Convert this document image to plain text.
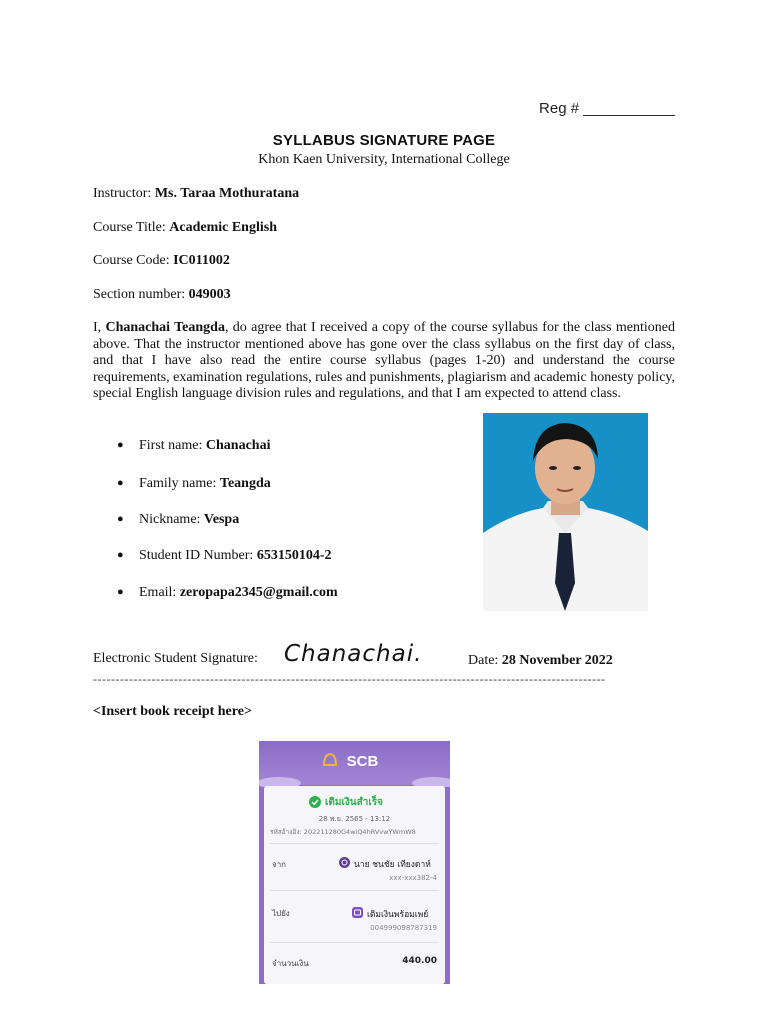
Reg # ___________
SYLLABUS SIGNATURE PAGE
Khon Kaen University, International College
Instructor: Ms. Taraa Mothuratana
Course Title: Academic English
Course Code: IC011002
Section number: 049003
I, Chanachai Teangda, do agree that I received a copy of the course syllabus for the class mentioned above. That the instructor mentioned above has gone over the class syllabus on the first day of class, and that I have also read the entire course syllabus (pages 1-20) and understand the course requirements, examination regulations, rules and punishments, plagiarism and academic honesty policy, special English language division rules and regulations, and that I am expected to attend class.
● First name: Chanachai
● Family name: Teangda
● Nickname: Vespa
● Student ID Number: 653150104-2
● Email: zeropapa2345@gmail.com
Electronic Student Signature: Chanachai.	Date: 28 November 2022
------------------------------------------------------------------------------------------------------------------
<Insert book receipt here>
SCB
เติมเงินสำเร็จ
28 พ.ย. 2565 - 13:12
รหัสอ้างอิง: 202211280G4wiQ4hRVvwYWmW8
จาก	นาย ชนชัย เทียงดาห์
xxx-xxx382-4
ไปยัง	เติมเงินพร้อมเพย์
004999098787319
จำนวนเงิน	440.00
